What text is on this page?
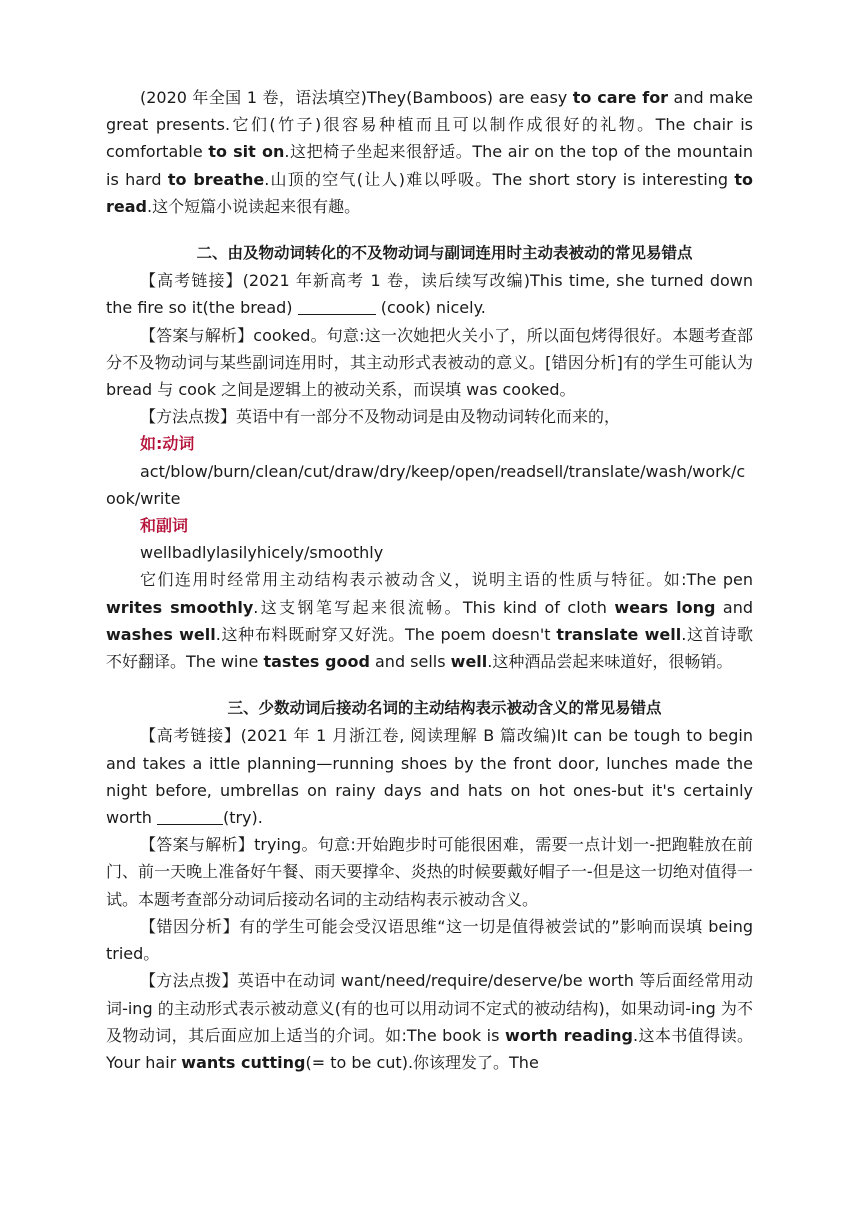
(2020 年全国 1 卷，语法填空)They(Bamboos) are easy to care for and make great presents.它们(竹子)很容易种植而且可以制作成很好的礼物。The chair is comfortable to sit on.这把椅子坐起来很舒适。The air on the top of the mountain is hard to breathe.山顶的空气(让人)难以呼吸。The short story is interesting to read.这个短篇小说读起来很有趣。

二、由及物动词转化的不及物动词与副词连用时主动表被动的常见易错点

【高考链接】(2021 年新高考 1 卷，读后续写改编)This time, she turned down the fire so it(the bread)	(cook) nicely.

【答案与解析】cooked。句意:这一次她把火关小了，所以面包烤得很好。本题考查部分不及物动词与某些副词连用时，其主动形式表被动的意义。[错因分析]有的学生可能认为 bread 与 cook 之间是逻辑上的被动关系，而误填 was cooked。

【方法点拨】英语中有一部分不及物动词是由及物动词转化而来的，

如:动词

act/blow/burn/clean/cut/draw/dry/keep/open/readsell/translate/wash/work/cook/write

和副词

wellbadlylasilyhicely/smoothly

它们连用时经常用主动结构表示被动含义，说明主语的性质与特征。如:The pen writes smoothly.这支钢笔写起来很流畅。This kind of cloth wears long and washes well.这种布料既耐穿又好洗。The poem doesn't translate well.这首诗歌不好翻译。The wine tastes good and sells well.这种酒品尝起来味道好，很畅销。

三、少数动词后接动名词的主动结构表示被动含义的常见易错点

【高考链接】(2021 年 1 月浙江卷, 阅读理解 B 篇改编)It can be tough to begin and takes a ittle planning—running shoes by the front door, lunches made the night before, umbrellas on rainy days and hats on hot ones-but it's certainly worth	(try).

【答案与解析】trying。句意:开始跑步时可能很困难，需要一点计划一-把跑鞋放在前门、前一天晚上准备好午餐、雨天要撑伞、炎热的时候要戴好帽子一-但是这一切绝对值得一试。本题考查部分动词后接动名词的主动结构表示被动含义。

【错因分析】有的学生可能会受汉语思维“这一切是值得被尝试的”影响而误填 being tried。

【方法点拨】英语中在动词 want/need/require/deserve/be worth 等后面经常用动词-ing 的主动形式表示被动意义(有的也可以用动词不定式的被动结构)，如果动词-ing 为不及物动词，其后面应加上适当的介词。如:The book is worth reading.这本书值得读。Your hair wants cutting(= to be cut).你该理发了。The
